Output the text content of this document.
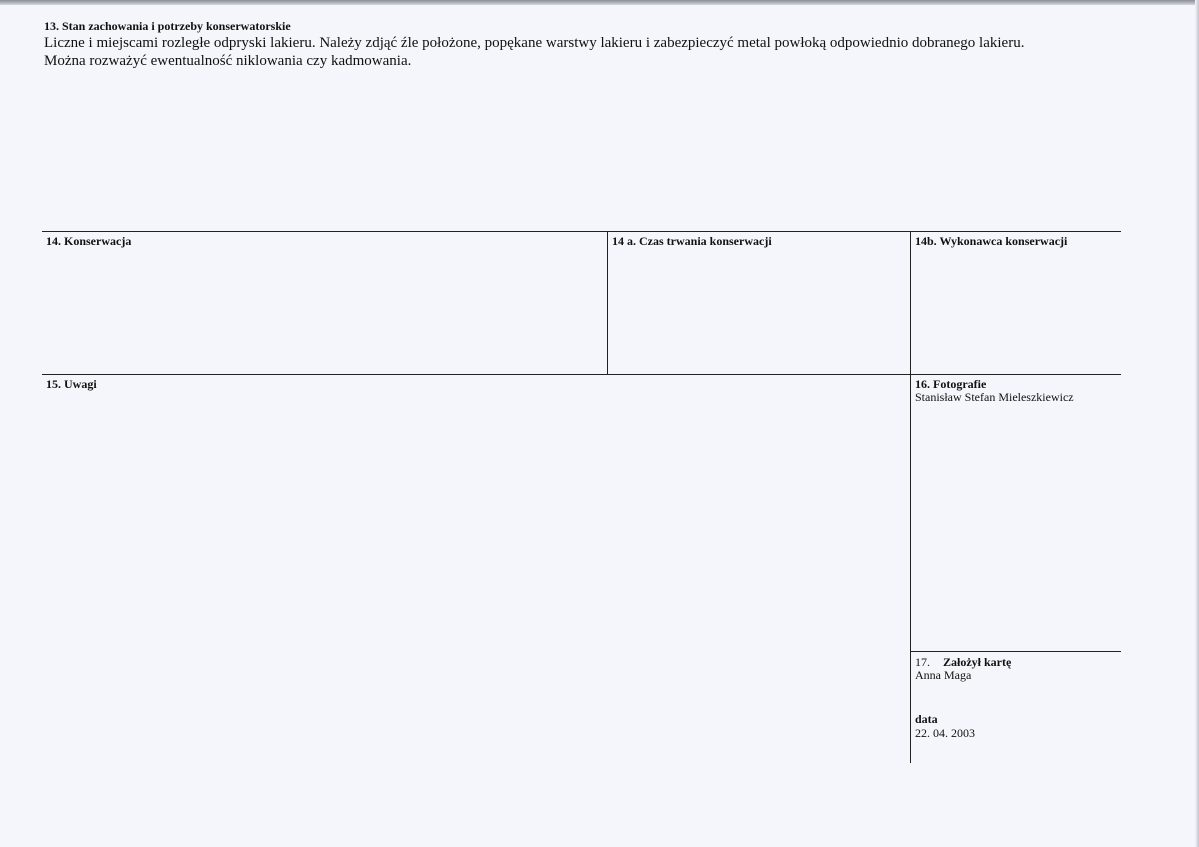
13. Stan zachowania i potrzeby konserwatorskie
Liczne i miejscami rozległe odpryski lakieru. Należy zdjąć źle położone, popękane warstwy lakieru i zabezpieczyć metal powłoką odpowiednio dobranego lakieru.
Można rozważyć ewentualność niklowania czy kadmowania.
14. Konserwacja	14 a. Czas trwania konserwacji	14b. Wykonawca konserwacji
15. Uwagi	16. Fotografie
Stanisław Stefan Mieleszkiewicz
17. Założył kartę
Anna Maga
data
22. 04. 2003
